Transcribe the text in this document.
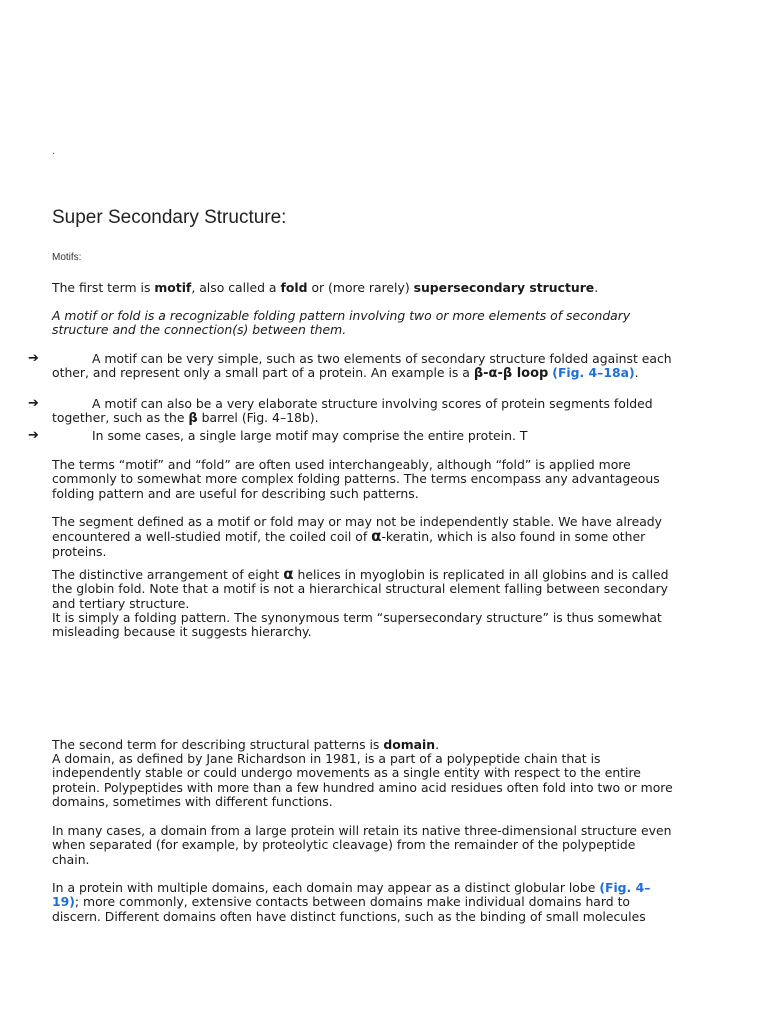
.
Super Secondary Structure:
Motifs:

The first term is motif, also called a fold or (more rarely) supersecondary structure.

A motif or fold is a recognizable folding pattern involving two or more elements of secondary structure and the connection(s) between them.

➔	A motif can be very simple, such as two elements of secondary structure folded against each other, and represent only a small part of a protein. An example is a β-α-β loop (Fig. 4–18a).

➔	A motif can also be a very elaborate structure involving scores of protein segments folded together, such as the β barrel (Fig. 4–18b).

➔	In some cases, a single large motif may comprise the entire protein. T

The terms “motif” and “fold” are often used interchangeably, although “fold” is applied more commonly to somewhat more complex folding patterns. The terms encompass any advantageous folding pattern and are useful for describing such patterns.

The segment defined as a motif or fold may or may not be independently stable. We have already encountered a well-studied motif, the coiled coil of α-keratin, which is also found in some other proteins.

The distinctive arrangement of eight α helices in myoglobin is replicated in all globins and is called the globin fold. Note that a motif is not a hierarchical structural element falling between secondary and tertiary structure.

It is simply a folding pattern. The synonymous term “supersecondary structure” is thus somewhat misleading because it suggests hierarchy.

The second term for describing structural patterns is domain.

A domain, as defined by Jane Richardson in 1981, is a part of a polypeptide chain that is independently stable or could undergo movements as a single entity with respect to the entire protein. Polypeptides with more than a few hundred amino acid residues often fold into two or more domains, sometimes with different functions.

In many cases, a domain from a large protein will retain its native three-dimensional structure even when separated (for example, by proteolytic cleavage) from the remainder of the polypeptide chain.

In a protein with multiple domains, each domain may appear as a distinct globular lobe (Fig. 4–19); more commonly, extensive contacts between domains make individual domains hard to discern. Different domains often have distinct functions, such as the binding of small molecules
